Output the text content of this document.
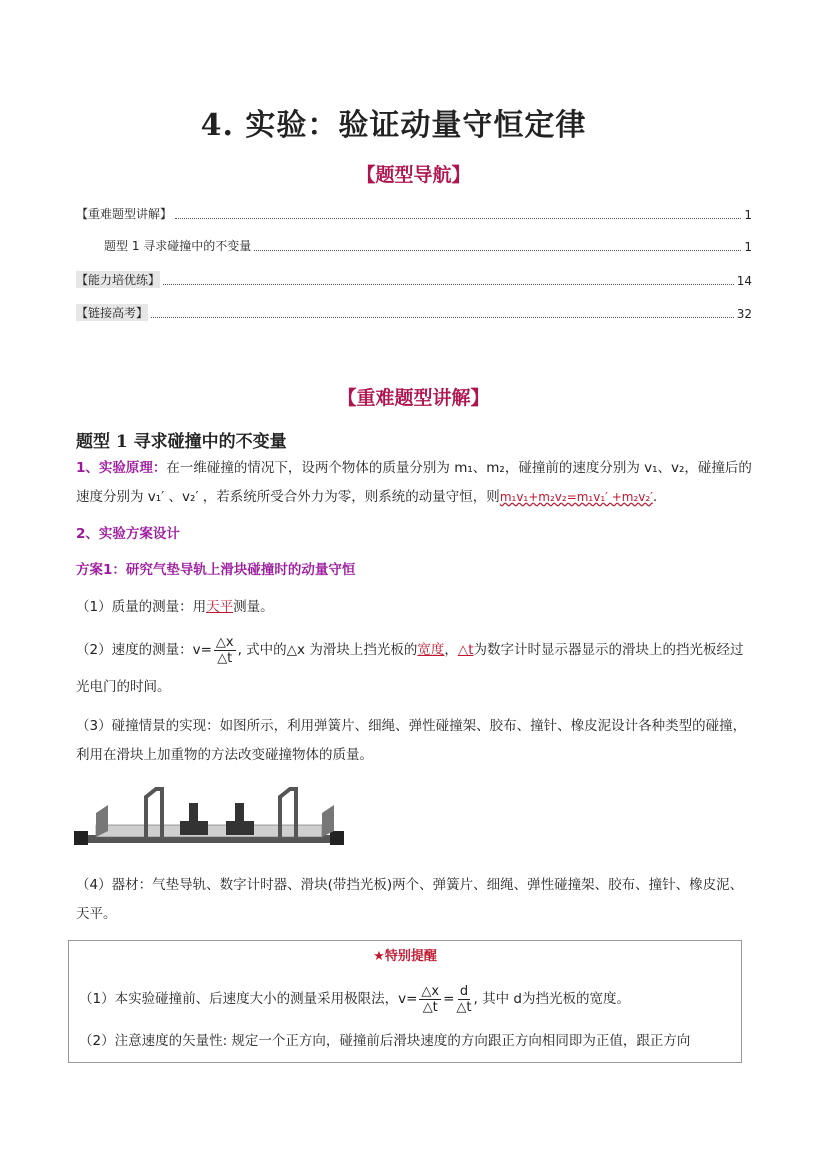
4. 实验：验证动量守恒定律
【题型导航】
【重难题型讲解】	1
题型 1 寻求碰撞中的不变量	1
【能力培优练】	14
【链接高考】	32
【重难题型讲解】
题型 1 寻求碰撞中的不变量
1、实验原理：在一维碰撞的情况下，设两个物体的质量分别为 m₁、m₂，碰撞前的速度分别为 v₁、v₂，碰撞后的速度分别为 v₁′ 、v₂′ ，若系统所受合外力为零，则系统的动量守恒，则m₁v₁+m₂v₂=m₁v₁′ +m₂v₂′.
2、实验方案设计
方案1：研究气垫导轨上滑块碰撞时的动量守恒
（1）质量的测量：用天平测量。
（2）速度的测量：$v= \frac{\triangle x}{\triangle t}$ , 式中的△x 为滑块上挡光板的宽度，△t为数字计时显示器显示的滑块上的挡光板经过光电门的时间。
（3）碰撞情景的实现：如图所示，利用弹簧片、细绳、弹性碰撞架、胶布、撞针、橡皮泥设计各种类型的碰撞，利用在滑块上加重物的方法改变碰撞物体的质量。
（4）器材：气垫导轨、数字计时器、滑块(带挡光板)两个、弹簧片、细绳、弹性碰撞架、胶布、撞针、橡皮泥、天平。
★特别提醒
（1）本实验碰撞前、后速度大小的测量采用极限法，$v= \frac{\triangle x}{\triangle t} = \frac{d}{\triangle t}$ , 其中 d为挡光板的宽度。
（2）注意速度的矢量性: 规定一个正方向，碰撞前后滑块速度的方向跟正方向相同即为正值，跟正方向
